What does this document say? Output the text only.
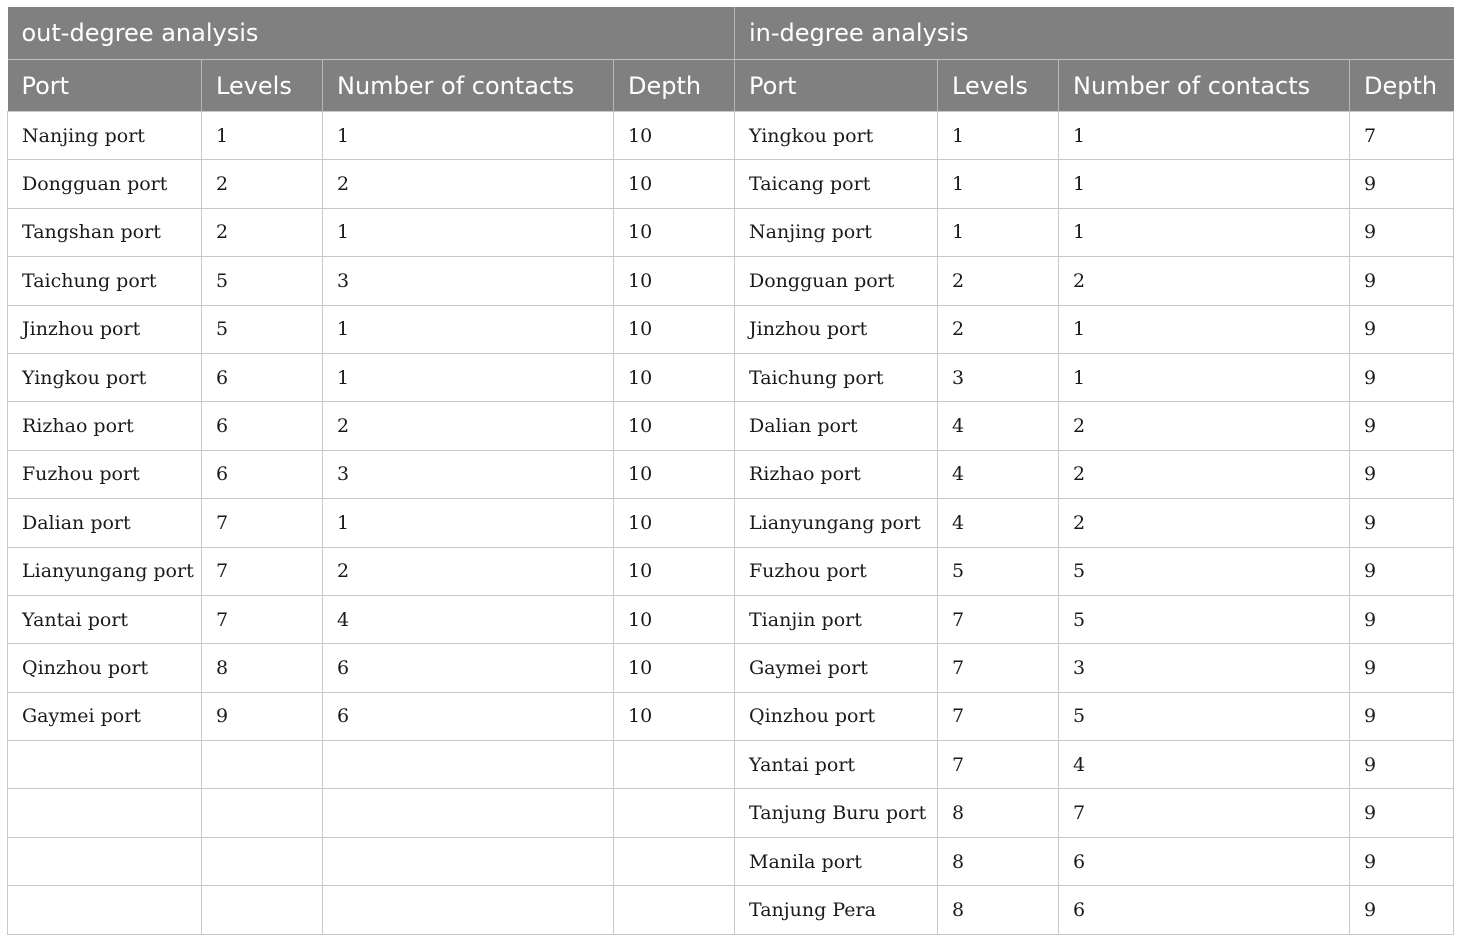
out-degree analysis				in-degree analysis			
Port	Levels	Number of contacts	Depth	Port	Levels	Number of contacts	Depth
Nanjing port	1	1	10	Yingkou port	1	1	7
Dongguan port	2	2	10	Taicang port	1	1	9
Tangshan port	2	1	10	Nanjing port	1	1	9
Taichung port	5	3	10	Dongguan port	2	2	9
Jinzhou port	5	1	10	Jinzhou port	2	1	9
Yingkou port	6	1	10	Taichung port	3	1	9
Rizhao port	6	2	10	Dalian port	4	2	9
Fuzhou port	6	3	10	Rizhao port	4	2	9
Dalian port	7	1	10	Lianyungang port	4	2	9
Lianyungang port	7	2	10	Fuzhou port	5	5	9
Yantai port	7	4	10	Tianjin port	7	5	9
Qinzhou port	8	6	10	Gaymei port	7	3	9
Gaymei port	9	6	10	Qinzhou port	7	5	9
				Yantai port	7	4	9
				Tanjung Buru port	8	7	9
				Manila port	8	6	9
				Tanjung Pera	8	6	9
